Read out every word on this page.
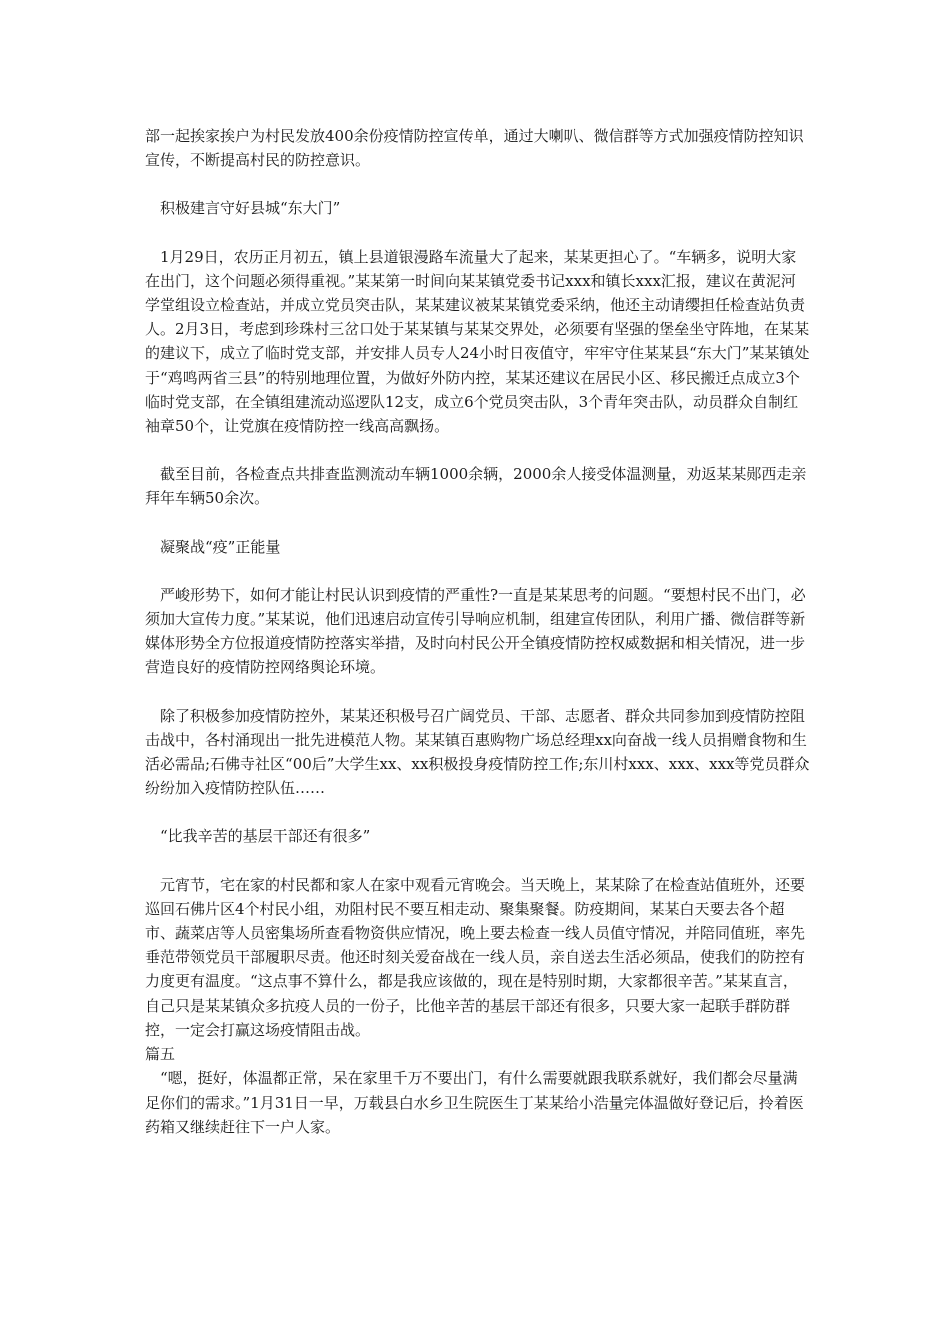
部一起挨家挨户为村民发放400余份疫情防控宣传单，通过大喇叭、微信群等方式加强疫情防控知识宣传，不断提高村民的防控意识。

积极建言守好县城“东大门”

1月29日，农历正月初五，镇上县道银漫路车流量大了起来，某某更担心了。“车辆多，说明大家在出门，这个问题必须得重视。”某某第一时间向某某镇党委书记xxx和镇长xxx汇报，建议在黄泥河学堂组设立检查站，并成立党员突击队，某某建议被某某镇党委采纳，他还主动请缨担任检查站负责人。2月3日，考虑到珍珠村三岔口处于某某镇与某某交界处，必须要有坚强的堡垒坐守阵地，在某某的建议下，成立了临时党支部，并安排人员专人24小时日夜值守，牢牢守住某某县“东大门”某某镇处于“鸡鸣两省三县”的特别地理位置，为做好外防内控，某某还建议在居民小区、移民搬迁点成立3个临时党支部，在全镇组建流动巡逻队12支，成立6个党员突击队，3个青年突击队，动员群众自制红袖章50个，让党旗在疫情防控一线高高飘扬。

截至目前，各检查点共排查监测流动车辆1000余辆，2000余人接受体温测量，劝返某某郧西走亲拜年车辆50余次。

凝聚战“疫”正能量

严峻形势下，如何才能让村民认识到疫情的严重性?一直是某某思考的问题。“要想村民不出门，必须加大宣传力度。”某某说，他们迅速启动宣传引导响应机制，组建宣传团队，利用广播、微信群等新媒体形势全方位报道疫情防控落实举措，及时向村民公开全镇疫情防控权威数据和相关情况，进一步营造良好的疫情防控网络舆论环境。

除了积极参加疫情防控外，某某还积极号召广阔党员、干部、志愿者、群众共同参加到疫情防控阻击战中，各村涌现出一批先进模范人物。某某镇百惠购物广场总经理xx向奋战一线人员捐赠食物和生活必需品;石佛寺社区“00后”大学生xx、xx积极投身疫情防控工作;东川村xxx、xxx、xxx等党员群众纷纷加入疫情防控队伍……

“比我辛苦的基层干部还有很多”

元宵节，宅在家的村民都和家人在家中观看元宵晚会。当天晚上，某某除了在检查站值班外，还要巡回石佛片区4个村民小组，劝阻村民不要互相走动、聚集聚餐。防疫期间，某某白天要去各个超市、蔬菜店等人员密集场所查看物资供应情况，晚上要去检查一线人员值守情况，并陪同值班，率先垂范带领党员干部履职尽责。他还时刻关爱奋战在一线人员，亲自送去生活必须品，使我们的防控有力度更有温度。“这点事不算什么，都是我应该做的，现在是特别时期，大家都很辛苦。”某某直言，自己只是某某镇众多抗疫人员的一份子，比他辛苦的基层干部还有很多，只要大家一起联手群防群控，一定会打赢这场疫情阻击战。

篇五

“嗯，挺好，体温都正常，呆在家里千万不要出门，有什么需要就跟我联系就好，我们都会尽量满足你们的需求。”1月31日一早，万载县白水乡卫生院医生丁某某给小浩量完体温做好登记后，拎着医药箱又继续赶往下一户人家。
